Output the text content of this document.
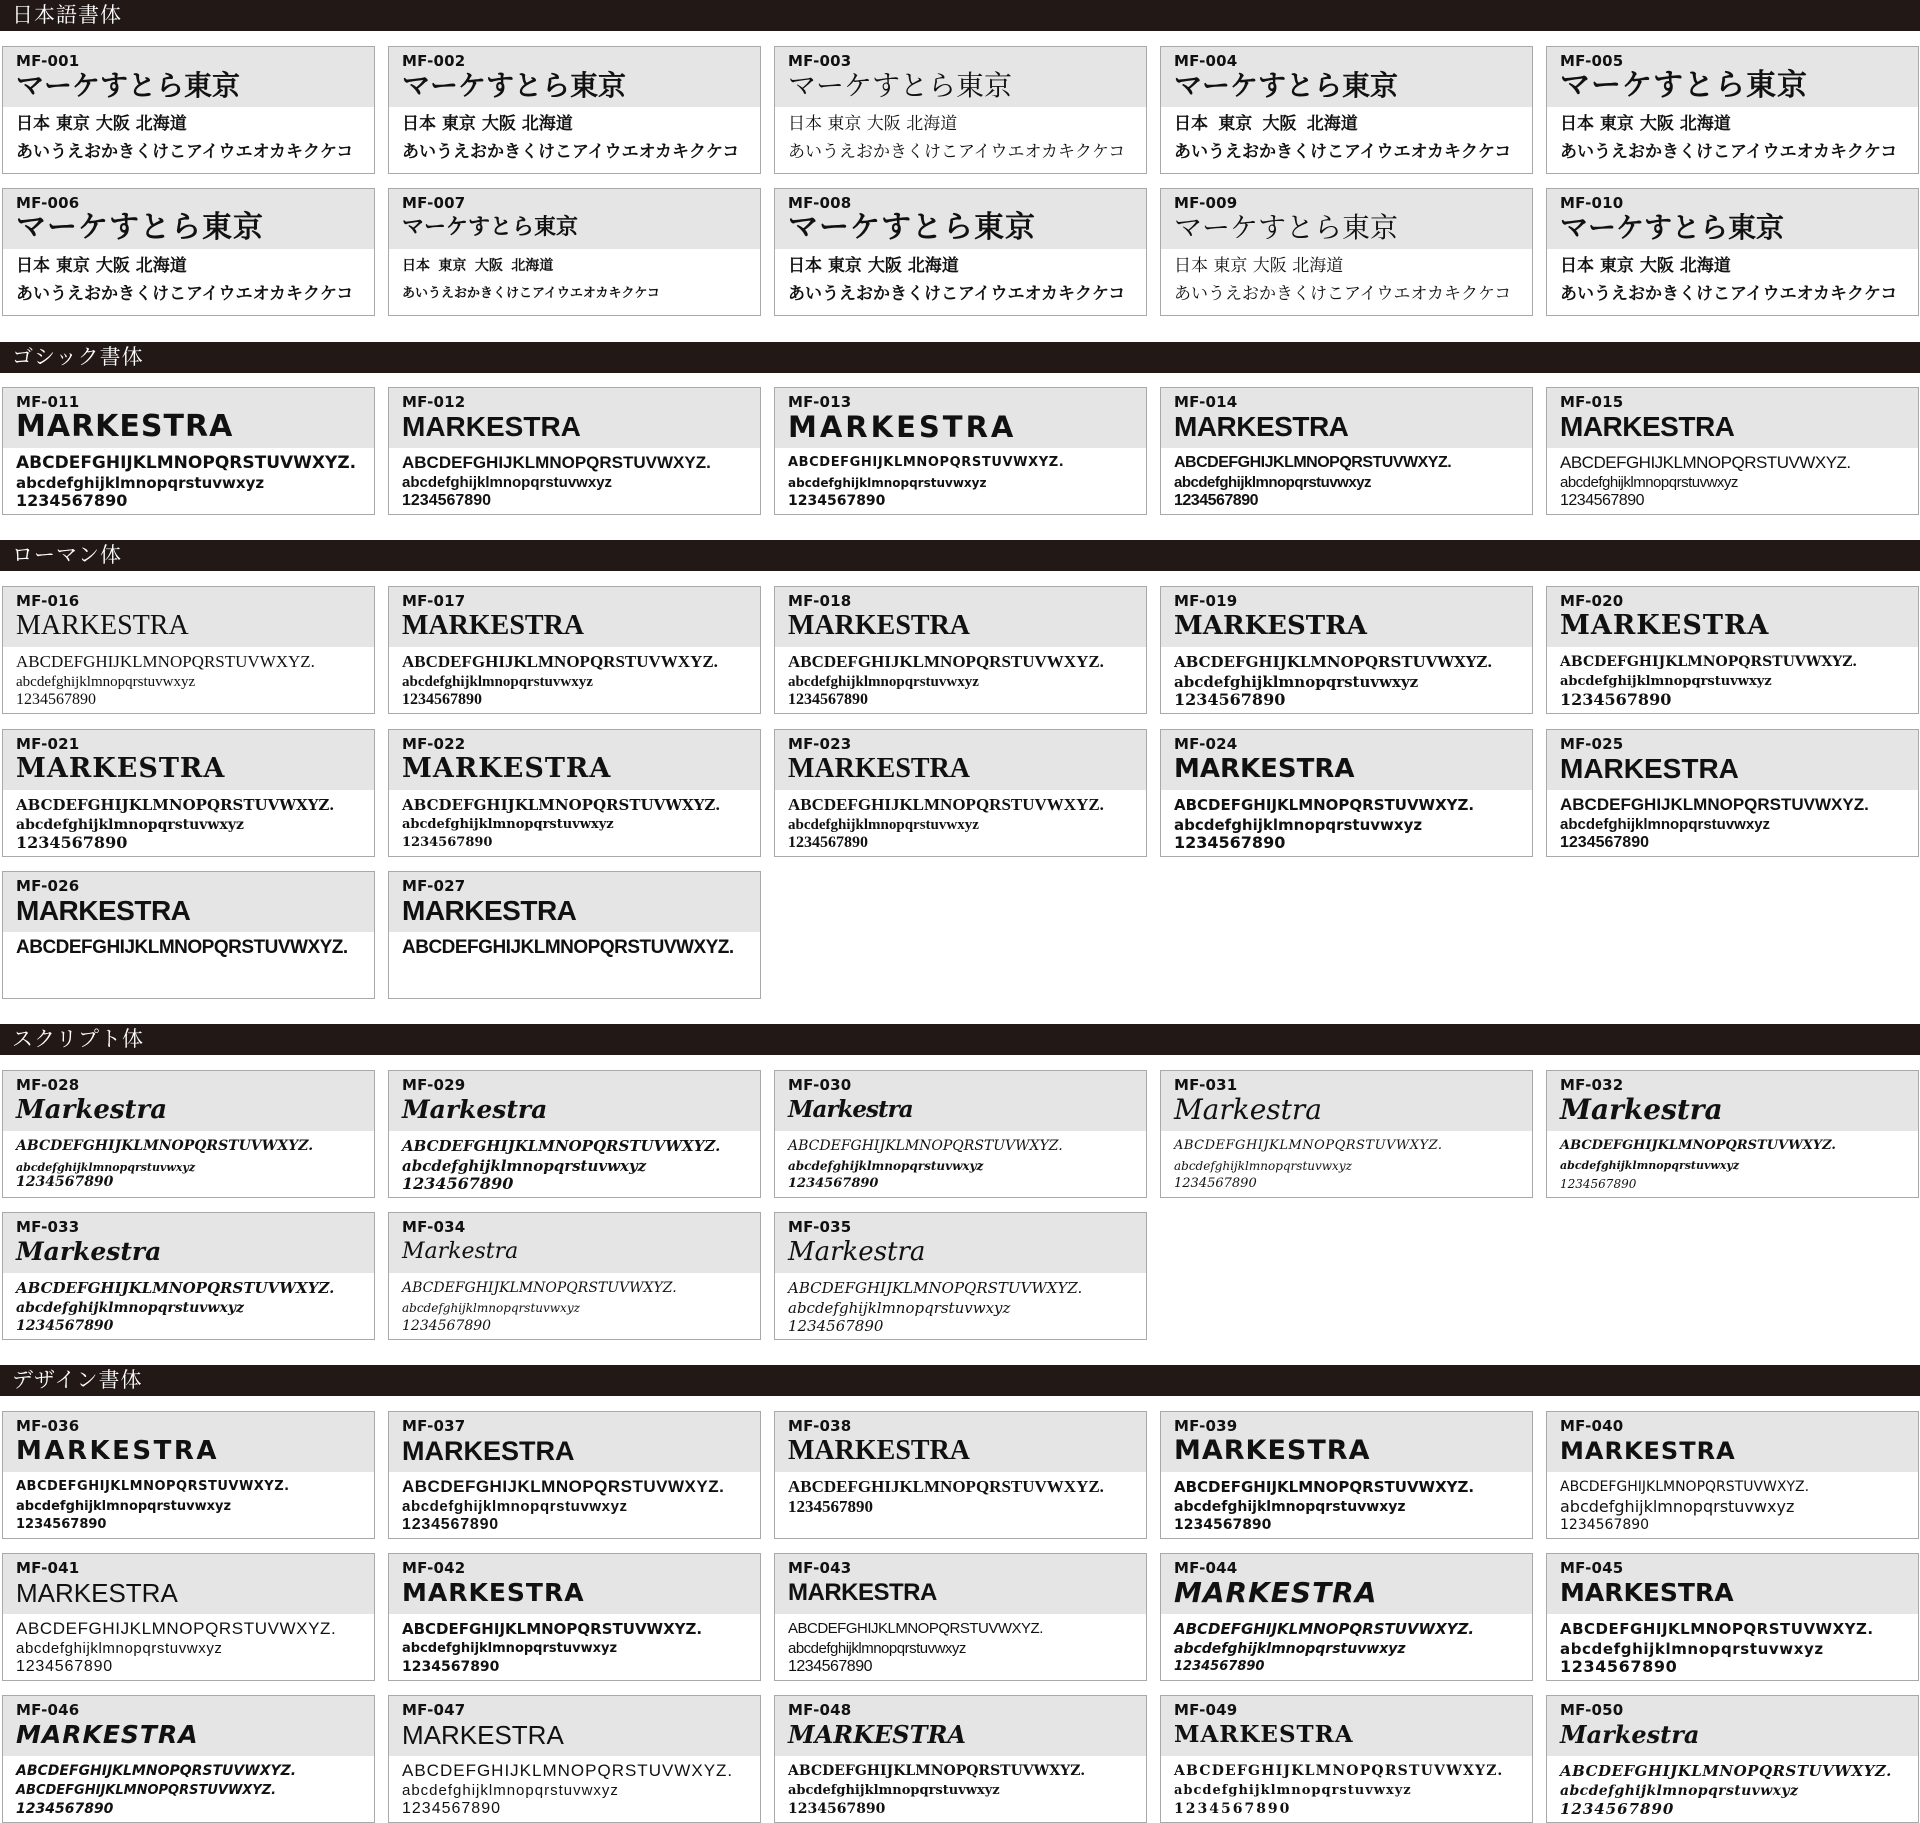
日本語書体
MF-001
マーケすとら東京
日本 東京 大阪 北海道
あいうえおかきくけこアイウエオカキクケコ
MF-002
マーケすとら東京
日本 東京 大阪 北海道
あいうえおかきくけこアイウエオカキクケコ
MF-003
マーケすとら東京
日本 東京 大阪 北海道
あいうえおかきくけこアイウエオカキクケコ
MF-004
マーケすとら東京
日本 東京 大阪 北海道
あいうえおかきくけこアイウエオカキクケコ
MF-005
マーケすとら東京
日本 東京 大阪 北海道
あいうえおかきくけこアイウエオカキクケコ
MF-006
マーケすとら東京
日本 東京 大阪 北海道
あいうえおかきくけこアイウエオカキクケコ
MF-007
マーケすとら東京
日本 東京 大阪 北海道
あいうえおかきくけこアイウエオカキクケコ
MF-008
マーケすとら東京
日本 東京 大阪 北海道
あいうえおかきくけこアイウエオカキクケコ
MF-009
マーケすとら東京
日本 東京 大阪 北海道
あいうえおかきくけこアイウエオカキクケコ
MF-010
マーケすとら東京
日本 東京 大阪 北海道
あいうえおかきくけこアイウエオカキクケコ
ゴシック書体
MF-011
MARKESTRA
ABCDEFGHIJKLMNOPQRSTUVWXYZ.
abcdefghijklmnopqrstuvwxyz
1234567890
MF-012
MARKESTRA
ABCDEFGHIJKLMNOPQRSTUVWXYZ.
abcdefghijklmnopqrstuvwxyz
1234567890
MF-013
MARKESTRA
ABCDEFGHIJKLMNOPQRSTUVWXYZ.
abcdefghijklmnopqrstuvwxyz
1234567890
MF-014
MARKESTRA
ABCDEFGHIJKLMNOPQRSTUVWXYZ.
abcdefghijklmnopqrstuvwxyz
1234567890
MF-015
MARKESTRA
ABCDEFGHIJKLMNOPQRSTUVWXYZ.
abcdefghijklmnopqrstuvwxyz
1234567890
ローマン体
MF-016
MARKESTRA
ABCDEFGHIJKLMNOPQRSTUVWXYZ.
abcdefghijklmnopqrstuvwxyz
1234567890
MF-017
MARKESTRA
ABCDEFGHIJKLMNOPQRSTUVWXYZ.
abcdefghijklmnopqrstuvwxyz
1234567890
MF-018
MARKESTRA
ABCDEFGHIJKLMNOPQRSTUVWXYZ.
abcdefghijklmnopqrstuvwxyz
1234567890
MF-019
MARKESTRA
ABCDEFGHIJKLMNOPQRSTUVWXYZ.
abcdefghijklmnopqrstuvwxyz
1234567890
MF-020
MARKESTRA
ABCDEFGHIJKLMNOPQRSTUVWXYZ.
abcdefghijklmnopqrstuvwxyz
1234567890
MF-021
MARKESTRA
ABCDEFGHIJKLMNOPQRSTUVWXYZ.
abcdefghijklmnopqrstuvwxyz
1234567890
MF-022
MARKESTRA
ABCDEFGHIJKLMNOPQRSTUVWXYZ.
abcdefghijklmnopqrstuvwxyz
1234567890
MF-023
MARKESTRA
ABCDEFGHIJKLMNOPQRSTUVWXYZ.
abcdefghijklmnopqrstuvwxyz
1234567890
MF-024
MARKESTRA
ABCDEFGHIJKLMNOPQRSTUVWXYZ.
abcdefghijklmnopqrstuvwxyz
1234567890
MF-025
MARKESTRA
ABCDEFGHIJKLMNOPQRSTUVWXYZ.
abcdefghijklmnopqrstuvwxyz
1234567890
MF-026
MARKESTRA
ABCDEFGHIJKLMNOPQRSTUVWXYZ.
MF-027
MARKESTRA
ABCDEFGHIJKLMNOPQRSTUVWXYZ.
スクリプト体
MF-028
Markestra
ABCDEFGHIJKLMNOPQRSTUVWXYZ.
abcdefghijklmnopqrstuvwxyz
1234567890
MF-029
Markestra
ABCDEFGHIJKLMNOPQRSTUVWXYZ.
abcdefghijklmnopqrstuvwxyz
1234567890
MF-030
Markestra
ABCDEFGHIJKLMNOPQRSTUVWXYZ.
abcdefghijklmnopqrstuvwxyz
1234567890
MF-031
Markestra
ABCDEFGHIJKLMNOPQRSTUVWXYZ.
abcdefghijklmnopqrstuvwxyz
1234567890
MF-032
Markestra
ABCDEFGHIJKLMNOPQRSTUVWXYZ.
abcdefghijklmnopqrstuvwxyz
1234567890
MF-033
Markestra
ABCDEFGHIJKLMNOPQRSTUVWXYZ.
abcdefghijklmnopqrstuvwxyz
1234567890
MF-034
Markestra
ABCDEFGHIJKLMNOPQRSTUVWXYZ.
abcdefghijklmnopqrstuvwxyz
1234567890
MF-035
Markestra
ABCDEFGHIJKLMNOPQRSTUVWXYZ.
abcdefghijklmnopqrstuvwxyz
1234567890
デザイン書体
MF-036
MARKESTRA
ABCDEFGHIJKLMNOPQRSTUVWXYZ.
abcdefghijklmnopqrstuvwxyz
1234567890
MF-037
MARKESTRA
ABCDEFGHIJKLMNOPQRSTUVWXYZ.
abcdefghijklmnopqrstuvwxyz
1234567890
MF-038
MARKESTRA
ABCDEFGHIJKLMNOPQRSTUVWXYZ.
1234567890
MF-039
MARKESTRA
ABCDEFGHIJKLMNOPQRSTUVWXYZ.
abcdefghijklmnopqrstuvwxyz
1234567890
MF-040
MARKESTRA
ABCDEFGHIJKLMNOPQRSTUVWXYZ.
abcdefghijklmnopqrstuvwxyz
1234567890
MF-041
MARKESTRA
ABCDEFGHIJKLMNOPQRSTUVWXYZ.
abcdefghijklmnopqrstuvwxyz
1234567890
MF-042
MARKESTRA
ABCDEFGHIJKLMNOPQRSTUVWXYZ.
abcdefghijklmnopqrstuvwxyz
1234567890
MF-043
MARKESTRA
ABCDEFGHIJKLMNOPQRSTUVWXYZ.
abcdefghijklmnopqrstuvwxyz
1234567890
MF-044
MARKESTRA
ABCDEFGHIJKLMNOPQRSTUVWXYZ.
abcdefghijklmnopqrstuvwxyz
1234567890
MF-045
MARKESTRA
ABCDEFGHIJKLMNOPQRSTUVWXYZ.
abcdefghijklmnopqrstuvwxyz
1234567890
MF-046
MARKESTRA
ABCDEFGHIJKLMNOPQRSTUVWXYZ.
ABCDEFGHIJKLMNOPQRSTUVWXYZ.
1234567890
MF-047
MARKESTRA
ABCDEFGHIJKLMNOPQRSTUVWXYZ.
abcdefghijklmnopqrstuvwxyz
1234567890
MF-048
MARKESTRA
ABCDEFGHIJKLMNOPQRSTUVWXYZ.
abcdefghijklmnopqrstuvwxyz
1234567890
MF-049
MARKESTRA
ABCDEFGHIJKLMNOPQRSTUVWXYZ.
abcdefghijklmnopqrstuvwxyz
1234567890
MF-050
Markestra
ABCDEFGHIJKLMNOPQRSTUVWXYZ.
abcdefghijklmnopqrstuvwxyz
1234567890
